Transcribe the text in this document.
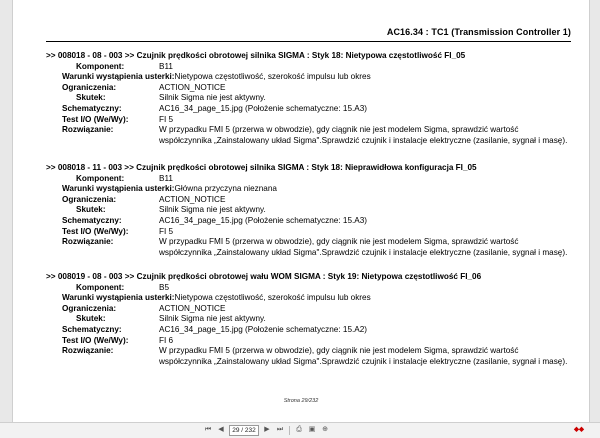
AC16.34 : TC1 (Transmission Controller 1)
>> 008018 - 08 - 003 >> Czujnik prędkości obrotowej silnika SIGMA : Styk 18: Nietypowa częstotliwość FI_05
Komponent:	B11
Warunki wystąpienia usterki:Nietypowa częstotliwość, szerokość impulsu lub okres
Ograniczenia:	ACTION_NOTICE
Skutek:	Silnik Sigma nie jest aktywny.
Schematyczny:	AC16_34_page_15.jpg (Położenie schematyczne: 15.A3)
Test I/O (We/Wy):	FI 5
Rozwiązanie:	W przypadku FMI 5 (przerwa w obwodzie), gdy ciągnik nie jest modelem Sigma, sprawdzić wartość współczynnika „Zainstalowany układ Sigma".Sprawdzić czujnik i instalacje elektryczne (zasilanie, sygnał i masę).
>> 008018 - 11 - 003 >> Czujnik prędkości obrotowej silnika SIGMA : Styk 18: Nieprawidłowa konfiguracja FI_05
Komponent:	B11
Warunki wystąpienia usterki:Główna przyczyna nieznana
Ograniczenia:	ACTION_NOTICE
Skutek:	Silnik Sigma nie jest aktywny.
Schematyczny:	AC16_34_page_15.jpg (Położenie schematyczne: 15.A3)
Test I/O (We/Wy):	FI 5
Rozwiązanie:	W przypadku FMI 5 (przerwa w obwodzie), gdy ciągnik nie jest modelem Sigma, sprawdzić wartość współczynnika „Zainstalowany układ Sigma".Sprawdzić czujnik i instalacje elektryczne (zasilanie, sygnał i masę).
>> 008019 - 08 - 003 >> Czujnik prędkości obrotowej wału WOM SIGMA : Styk 19: Nietypowa częstotliwość FI_06
Komponent:	B5
Warunki wystąpienia usterki:Nietypowa częstotliwość, szerokość impulsu lub okres
Ograniczenia:	ACTION_NOTICE
Skutek:	Silnik Sigma nie jest aktywny.
Schematyczny:	AC16_34_page_15.jpg (Położenie schematyczne: 15.A2)
Test I/O (We/Wy):	FI 6
Rozwiązanie:	W przypadku FMI 5 (przerwa w obwodzie), gdy ciągnik nie jest modelem Sigma, sprawdzić wartość współczynnika „Zainstalowany układ Sigma".Sprawdzić czujnik i instalacje elektryczne (zasilanie, sygnał i masę).
Strona 29/232
⏮	◀	29 / 232	▶	⏭	⎙ ▣ ⊕	◆◆
